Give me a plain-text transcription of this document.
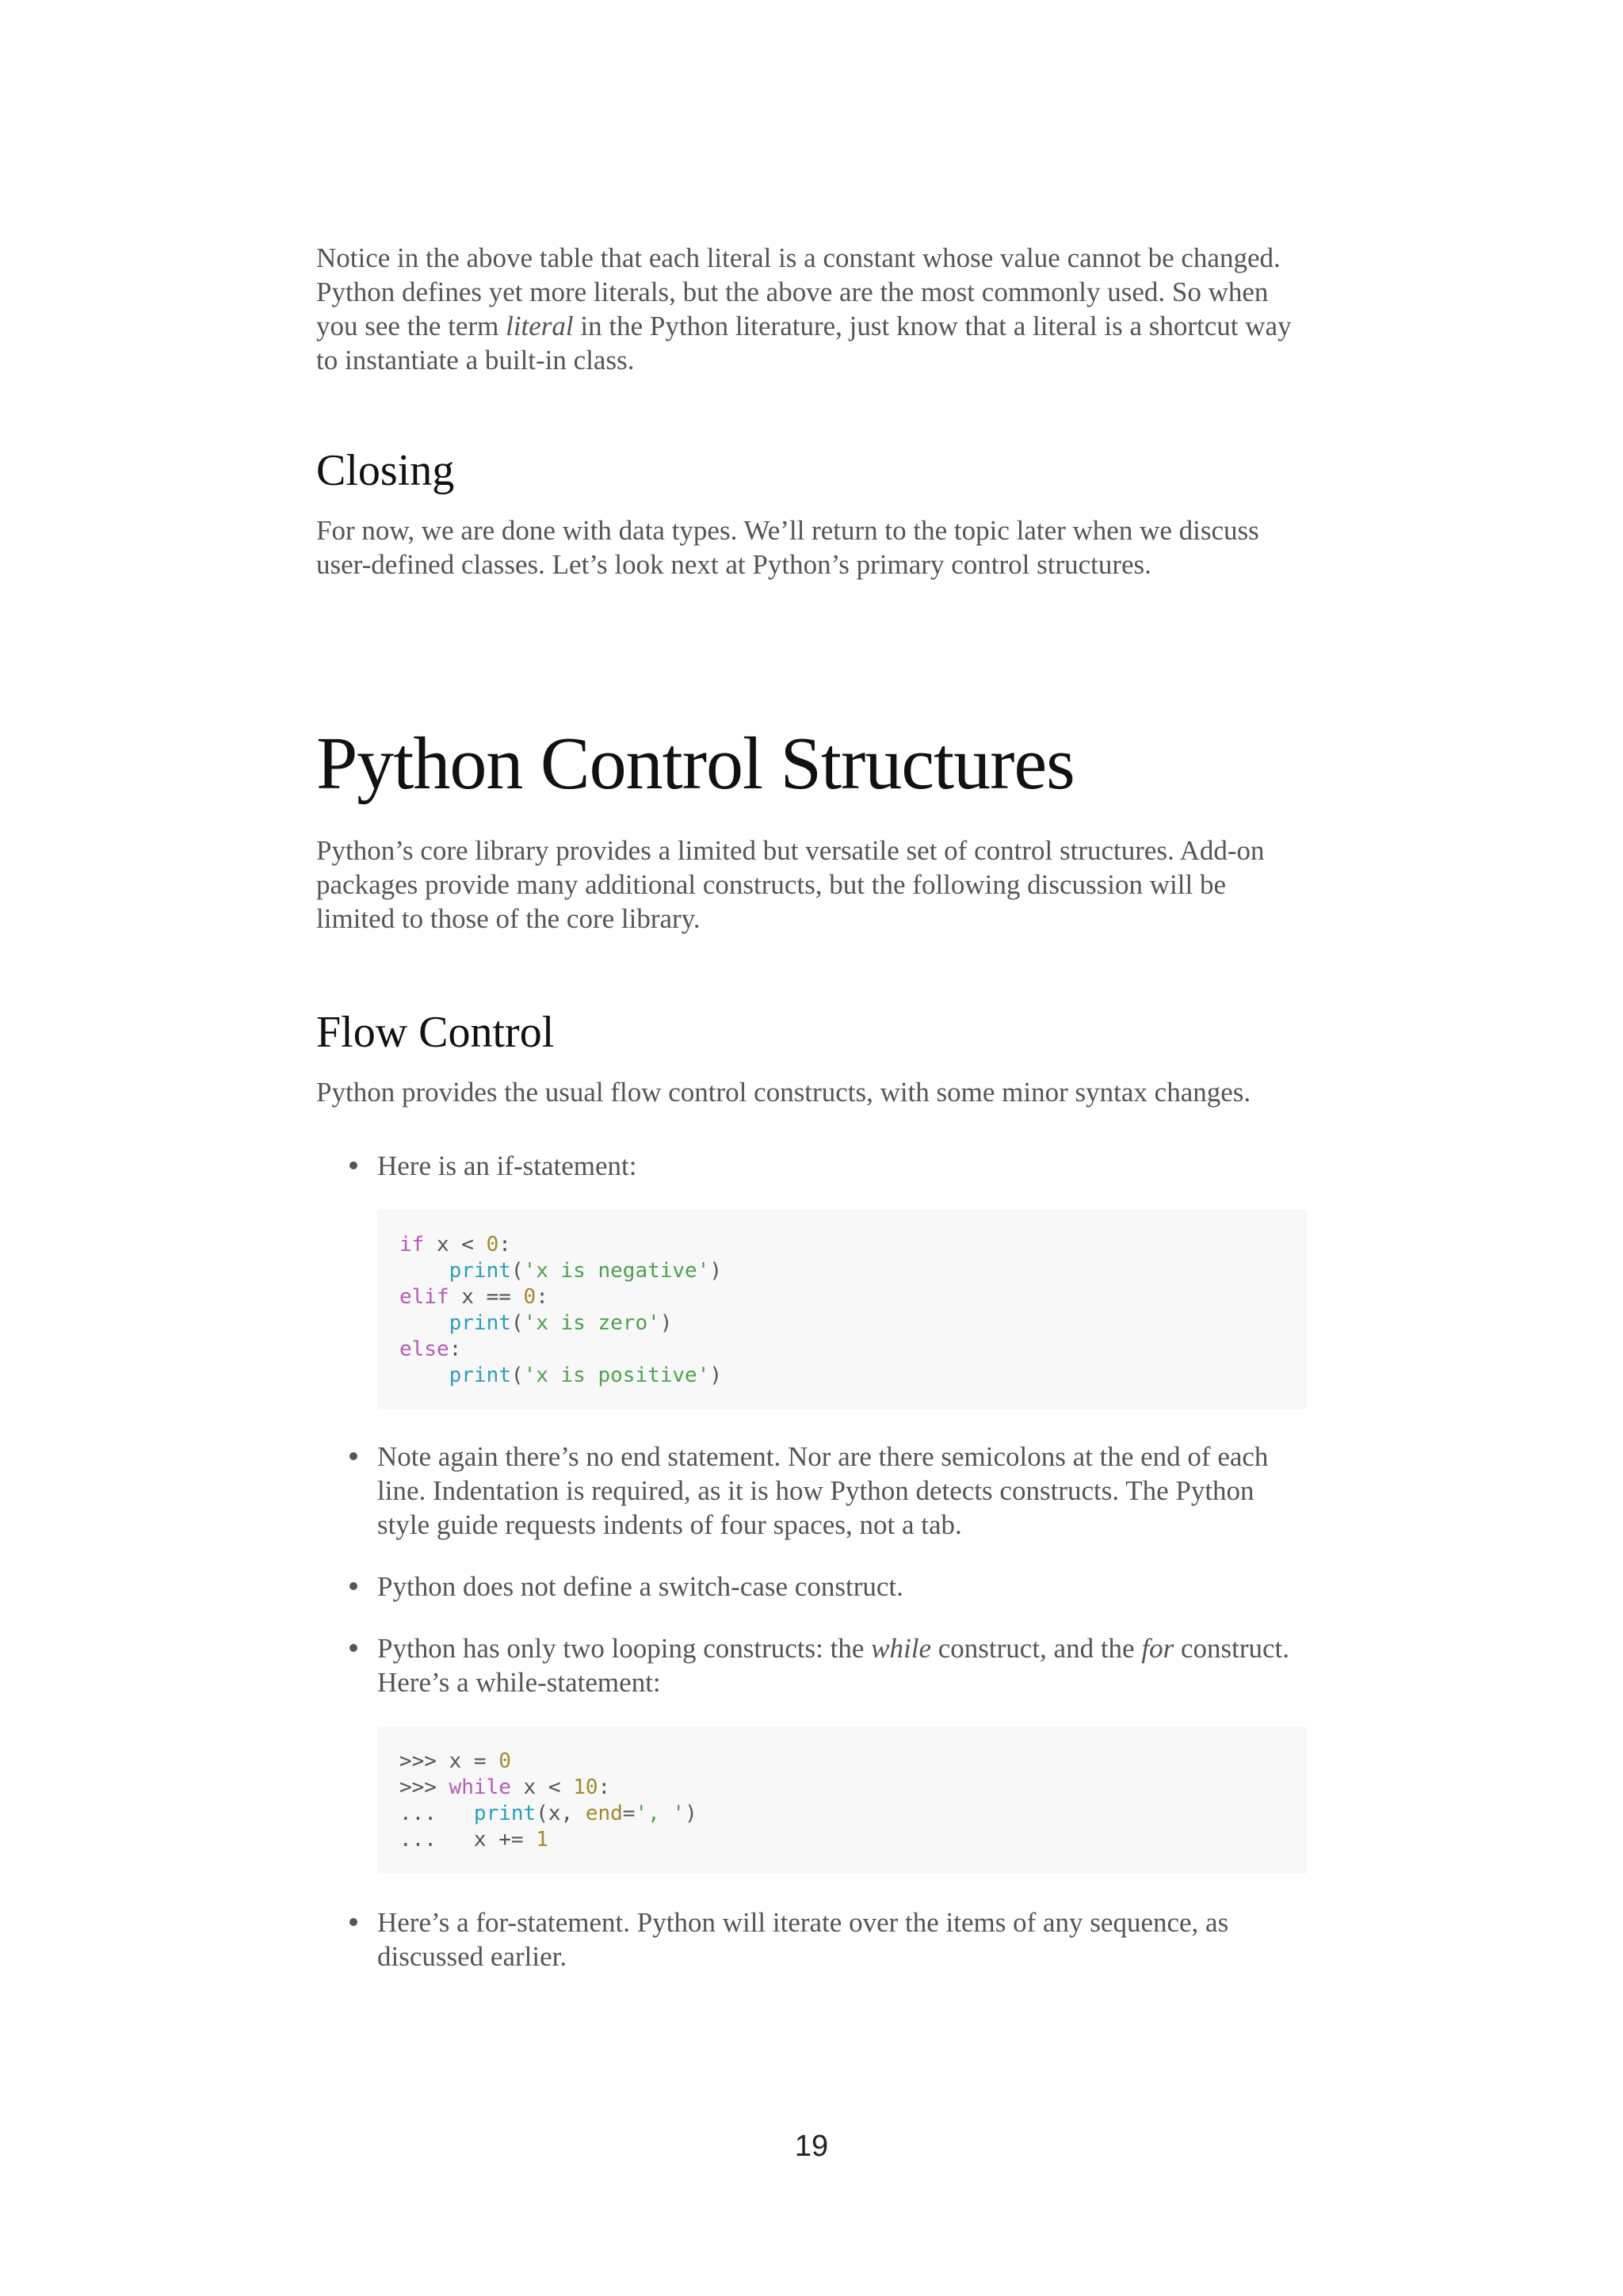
Notice in the above table that each literal is a constant whose value cannot be changed. Python defines yet more literals, but the above are the most commonly used. So when you see the term literal in the Python literature, just know that a literal is a shortcut way to instantiate a built-in class.

Closing

For now, we are done with data types. We’ll return to the topic later when we discuss user-defined classes. Let’s look next at Python’s primary control structures.

Python Control Structures

Python’s core library provides a limited but versatile set of control structures. Add-on packages provide many additional constructs, but the following discussion will be limited to those of the core library.

Flow Control

Python provides the usual flow control constructs, with some minor syntax changes.

Here is an if-statement:
if x < 0:
print('x is negative')
elif x == 0:
print('x is zero')
else:
print('x is positive')
Note again there’s no end statement. Nor are there semicolons at the end of each line. Indentation is required, as it is how Python detects constructs. The Python style guide requests indents of four spaces, not a tab.
Python does not define a switch-case construct.
Python has only two looping constructs: the while construct, and the for construct. Here’s a while-statement:
>>> x = 0
>>> while x < 10:
...   print(x, end=', ')
...   x += 1
Here’s a for-statement. Python will iterate over the items of any sequence, as discussed earlier.
19
